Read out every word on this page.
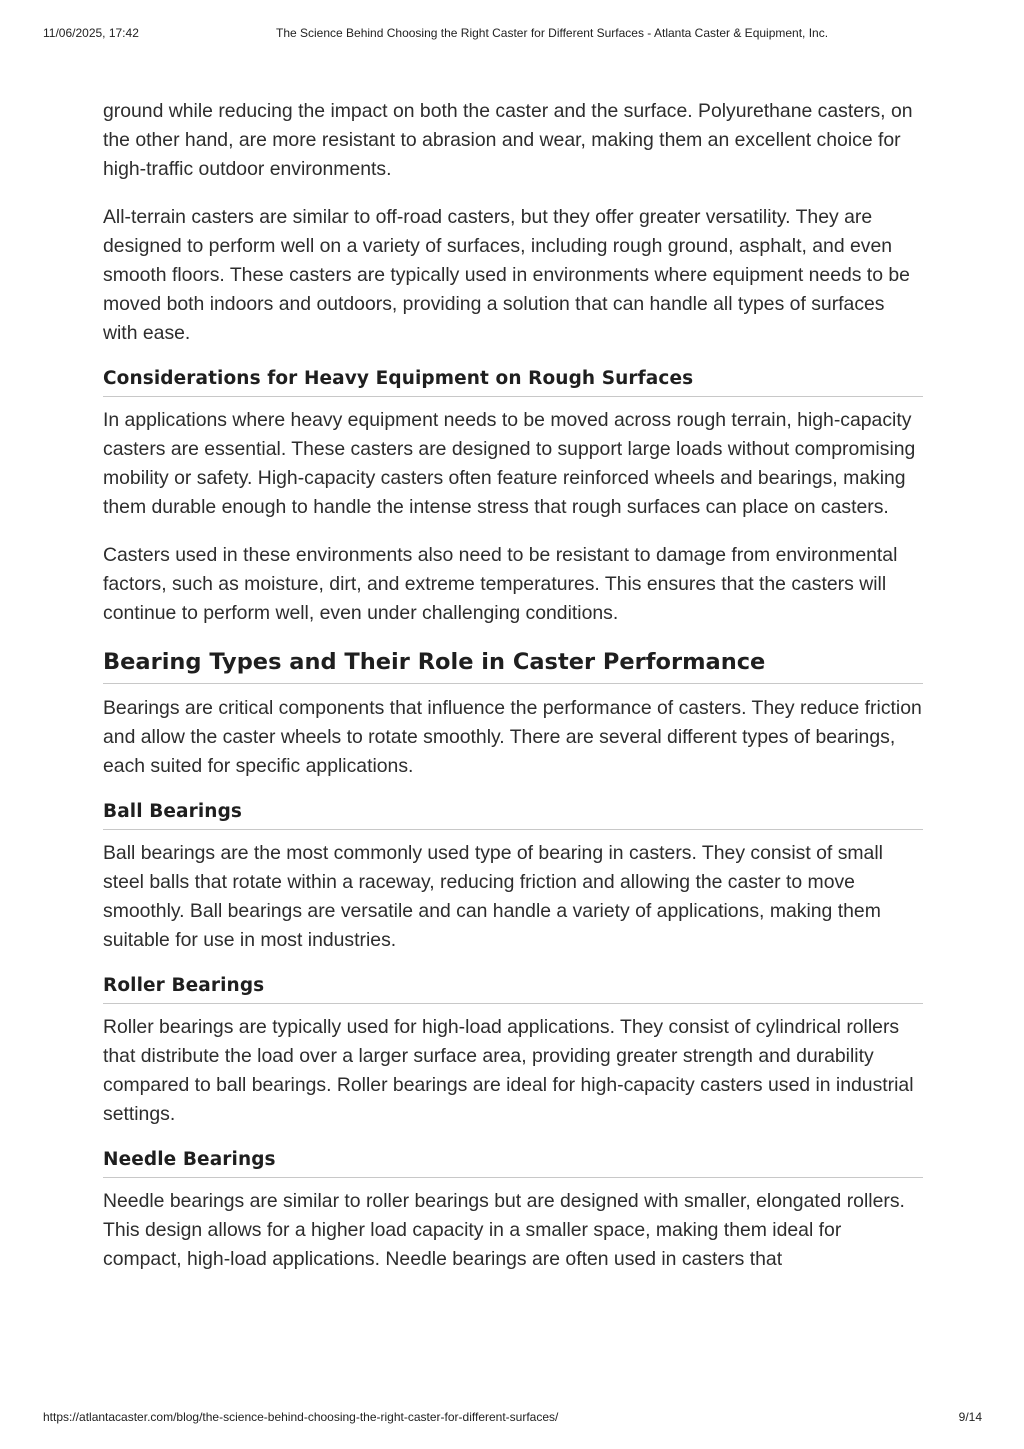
11/06/2025, 17:42	The Science Behind Choosing the Right Caster for Different Surfaces - Atlanta Caster & Equipment, Inc.

ground while reducing the impact on both the caster and the surface. Polyurethane casters, on the other hand, are more resistant to abrasion and wear, making them an excellent choice for high-traffic outdoor environments.

All-terrain casters are similar to off-road casters, but they offer greater versatility. They are designed to perform well on a variety of surfaces, including rough ground, asphalt, and even smooth floors. These casters are typically used in environments where equipment needs to be moved both indoors and outdoors, providing a solution that can handle all types of surfaces with ease.

Considerations for Heavy Equipment on Rough Surfaces

In applications where heavy equipment needs to be moved across rough terrain, high-capacity casters are essential. These casters are designed to support large loads without compromising mobility or safety. High-capacity casters often feature reinforced wheels and bearings, making them durable enough to handle the intense stress that rough surfaces can place on casters.

Casters used in these environments also need to be resistant to damage from environmental factors, such as moisture, dirt, and extreme temperatures. This ensures that the casters will continue to perform well, even under challenging conditions.

Bearing Types and Their Role in Caster Performance

Bearings are critical components that influence the performance of casters. They reduce friction and allow the caster wheels to rotate smoothly. There are several different types of bearings, each suited for specific applications.

Ball Bearings

Ball bearings are the most commonly used type of bearing in casters. They consist of small steel balls that rotate within a raceway, reducing friction and allowing the caster to move smoothly. Ball bearings are versatile and can handle a variety of applications, making them suitable for use in most industries.

Roller Bearings

Roller bearings are typically used for high-load applications. They consist of cylindrical rollers that distribute the load over a larger surface area, providing greater strength and durability compared to ball bearings. Roller bearings are ideal for high-capacity casters used in industrial settings.

Needle Bearings

Needle bearings are similar to roller bearings but are designed with smaller, elongated rollers. This design allows for a higher load capacity in a smaller space, making them ideal for compact, high-load applications. Needle bearings are often used in casters that

https://atlantacaster.com/blog/the-science-behind-choosing-the-right-caster-for-different-surfaces/	9/14
